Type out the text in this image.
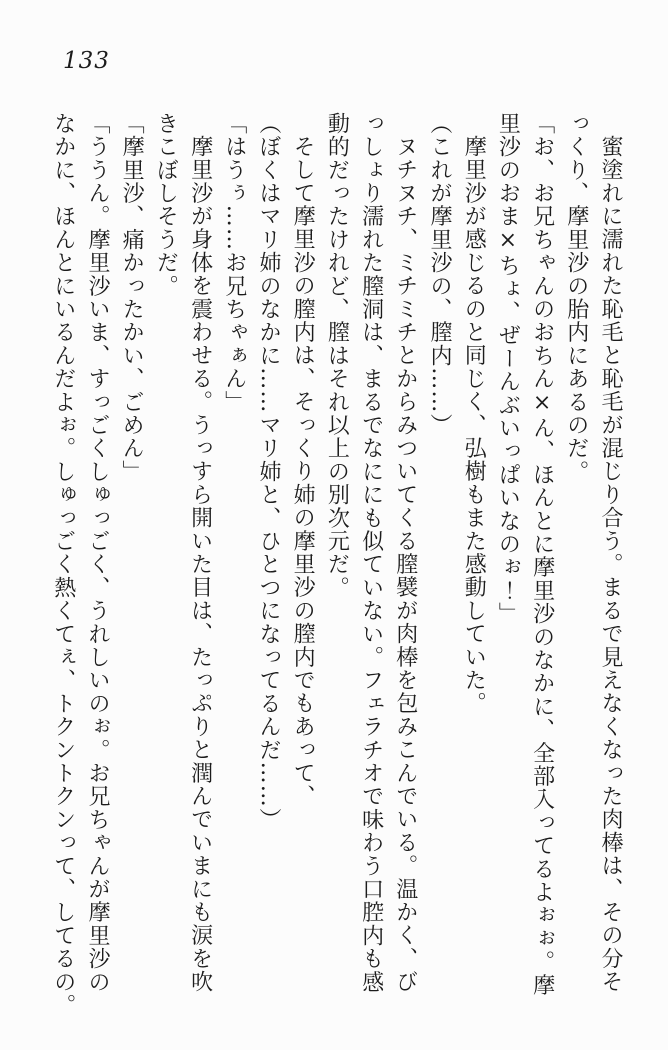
133
蜜塗れに濡れた恥毛と恥毛が混じり合う。まるで見えなくなった肉棒は、その分そ
っくり、摩里沙の胎内にあるのだ。
「お、お兄ちゃんのおちん×ん、ほんとに摩里沙のなかに、全部入ってるよぉぉ。摩
里沙のおま×ちょ、ぜーんぶいっぱいなのぉ！」
摩里沙が感じるのと同じく、弘樹もまた感動していた。
（これが摩里沙の、膣内……）
ヌチヌチ、ミチミチとからみついてくる膣襞が肉棒を包みこんでいる。温かく、び
っしょり濡れた膣洞は、まるでなににも似ていない。フェラチオで味わう口腔内も感
動的だったけれど、膣はそれ以上の別次元だ。
そして摩里沙の膣内は、そっくり姉の摩里沙の膣内でもあって、
（ぼくはマリ姉のなかに……マリ姉と、ひとつになってるんだ……）
「はうぅ……お兄ちゃぁん」
摩里沙が身体を震わせる。うっすら開いた目は、たっぷりと潤んでいまにも涙を吹
きこぼしそうだ。
「摩里沙、痛かったかい、ごめん」
「ううん。摩里沙いま、すっごくしゅっごく、うれしいのぉ。お兄ちゃんが摩里沙の
なかに、ほんとにいるんだよぉ。しゅっごく熱くてぇ、トクントクンって、してるの。
